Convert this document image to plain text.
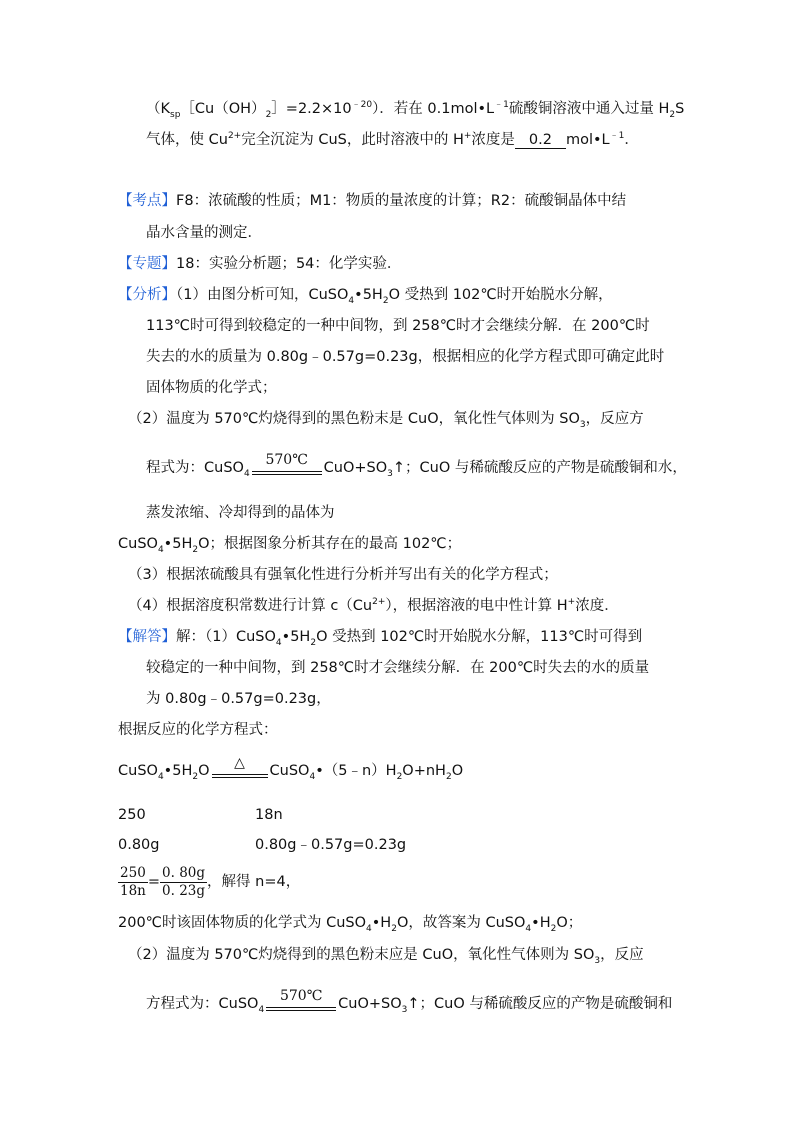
$(K_{sp}[Cu(OH)_2]=2.2\times 10^{﹣20})$．若在 $0.1mol•L^{﹣1}$硫酸铜溶液中通入过量 $H_2S$
气体，使 $Cu^{2+}$完全沉淀为 CuS，此时溶液中的 H+浓度是 0.2 $mol•L^{﹣1}$．
【考点】F8：浓硫酸的性质；M1：物质的量浓度的计算；R2：硫酸铜晶体中结
晶水含量的测定．
【专题】18：实验分析题；54：化学实验．
【分析】（1）由图分析可知，$CuSO_4•5H_2O$ 受热到 102℃时开始脱水分解，
113℃时可得到较稳定的一种中间物，到 258℃时才会继续分解．在 200℃时
失去的水的质量为 0.80g﹣0.57g=0.23g，根据相应的化学方程式即可确定此时
固体物质的化学式；
（2）温度为 570℃灼烧得到的黑色粉末是 CuO，氧化性气体则为 $SO_3$，反应方
程式为：CuSO$_4$
570℃	$CuO+SO_3↑$；CuO 与稀硫酸反应的产物是硫酸铜和水，
蒸发浓缩、冷却得到的晶体为
$CuSO_4•5H_2O$；根据图象分析其存在的最高 102℃；
（3）根据浓硫酸具有强氧化性进行分析并写出有关的化学方程式；
（4）根据溶度积常数进行计算 $c(Cu^{2+})$，根据溶液的电中性计算 H+浓度．
【解答】解：$(1)CuSO_4•5H_2O$ 受热到 102℃时开始脱水分解，113℃时可得到
较稳定的一种中间物，到 258℃时才会继续分解．在 200℃时失去的水的质量
为 0.80g﹣0.57g=0.23g，
根据反应的化学方程式：
$CuSO_4•5H_2O$	△	$CuSO_4•(5﹣n)H_2O+nH_2O$
250	18n
0.80g	0.80g﹣0.57g=0.23g
$\frac{250}{18n} = \frac{0. 80g}{0. 23g}$ ，解得 n=4，
200℃时该固体物质的化学式为 $CuSO_4•H_2O$，故答案为 $CuSO_4•H_2O$；
（2）温度为 570℃灼烧得到的黑色粉末应是 CuO，氧化性气体则为 $SO_3$，反应
方程式为：CuSO$_4$
570℃	$CuO+SO_3↑$；CuO 与稀硫酸反应的产物是硫酸铜和
